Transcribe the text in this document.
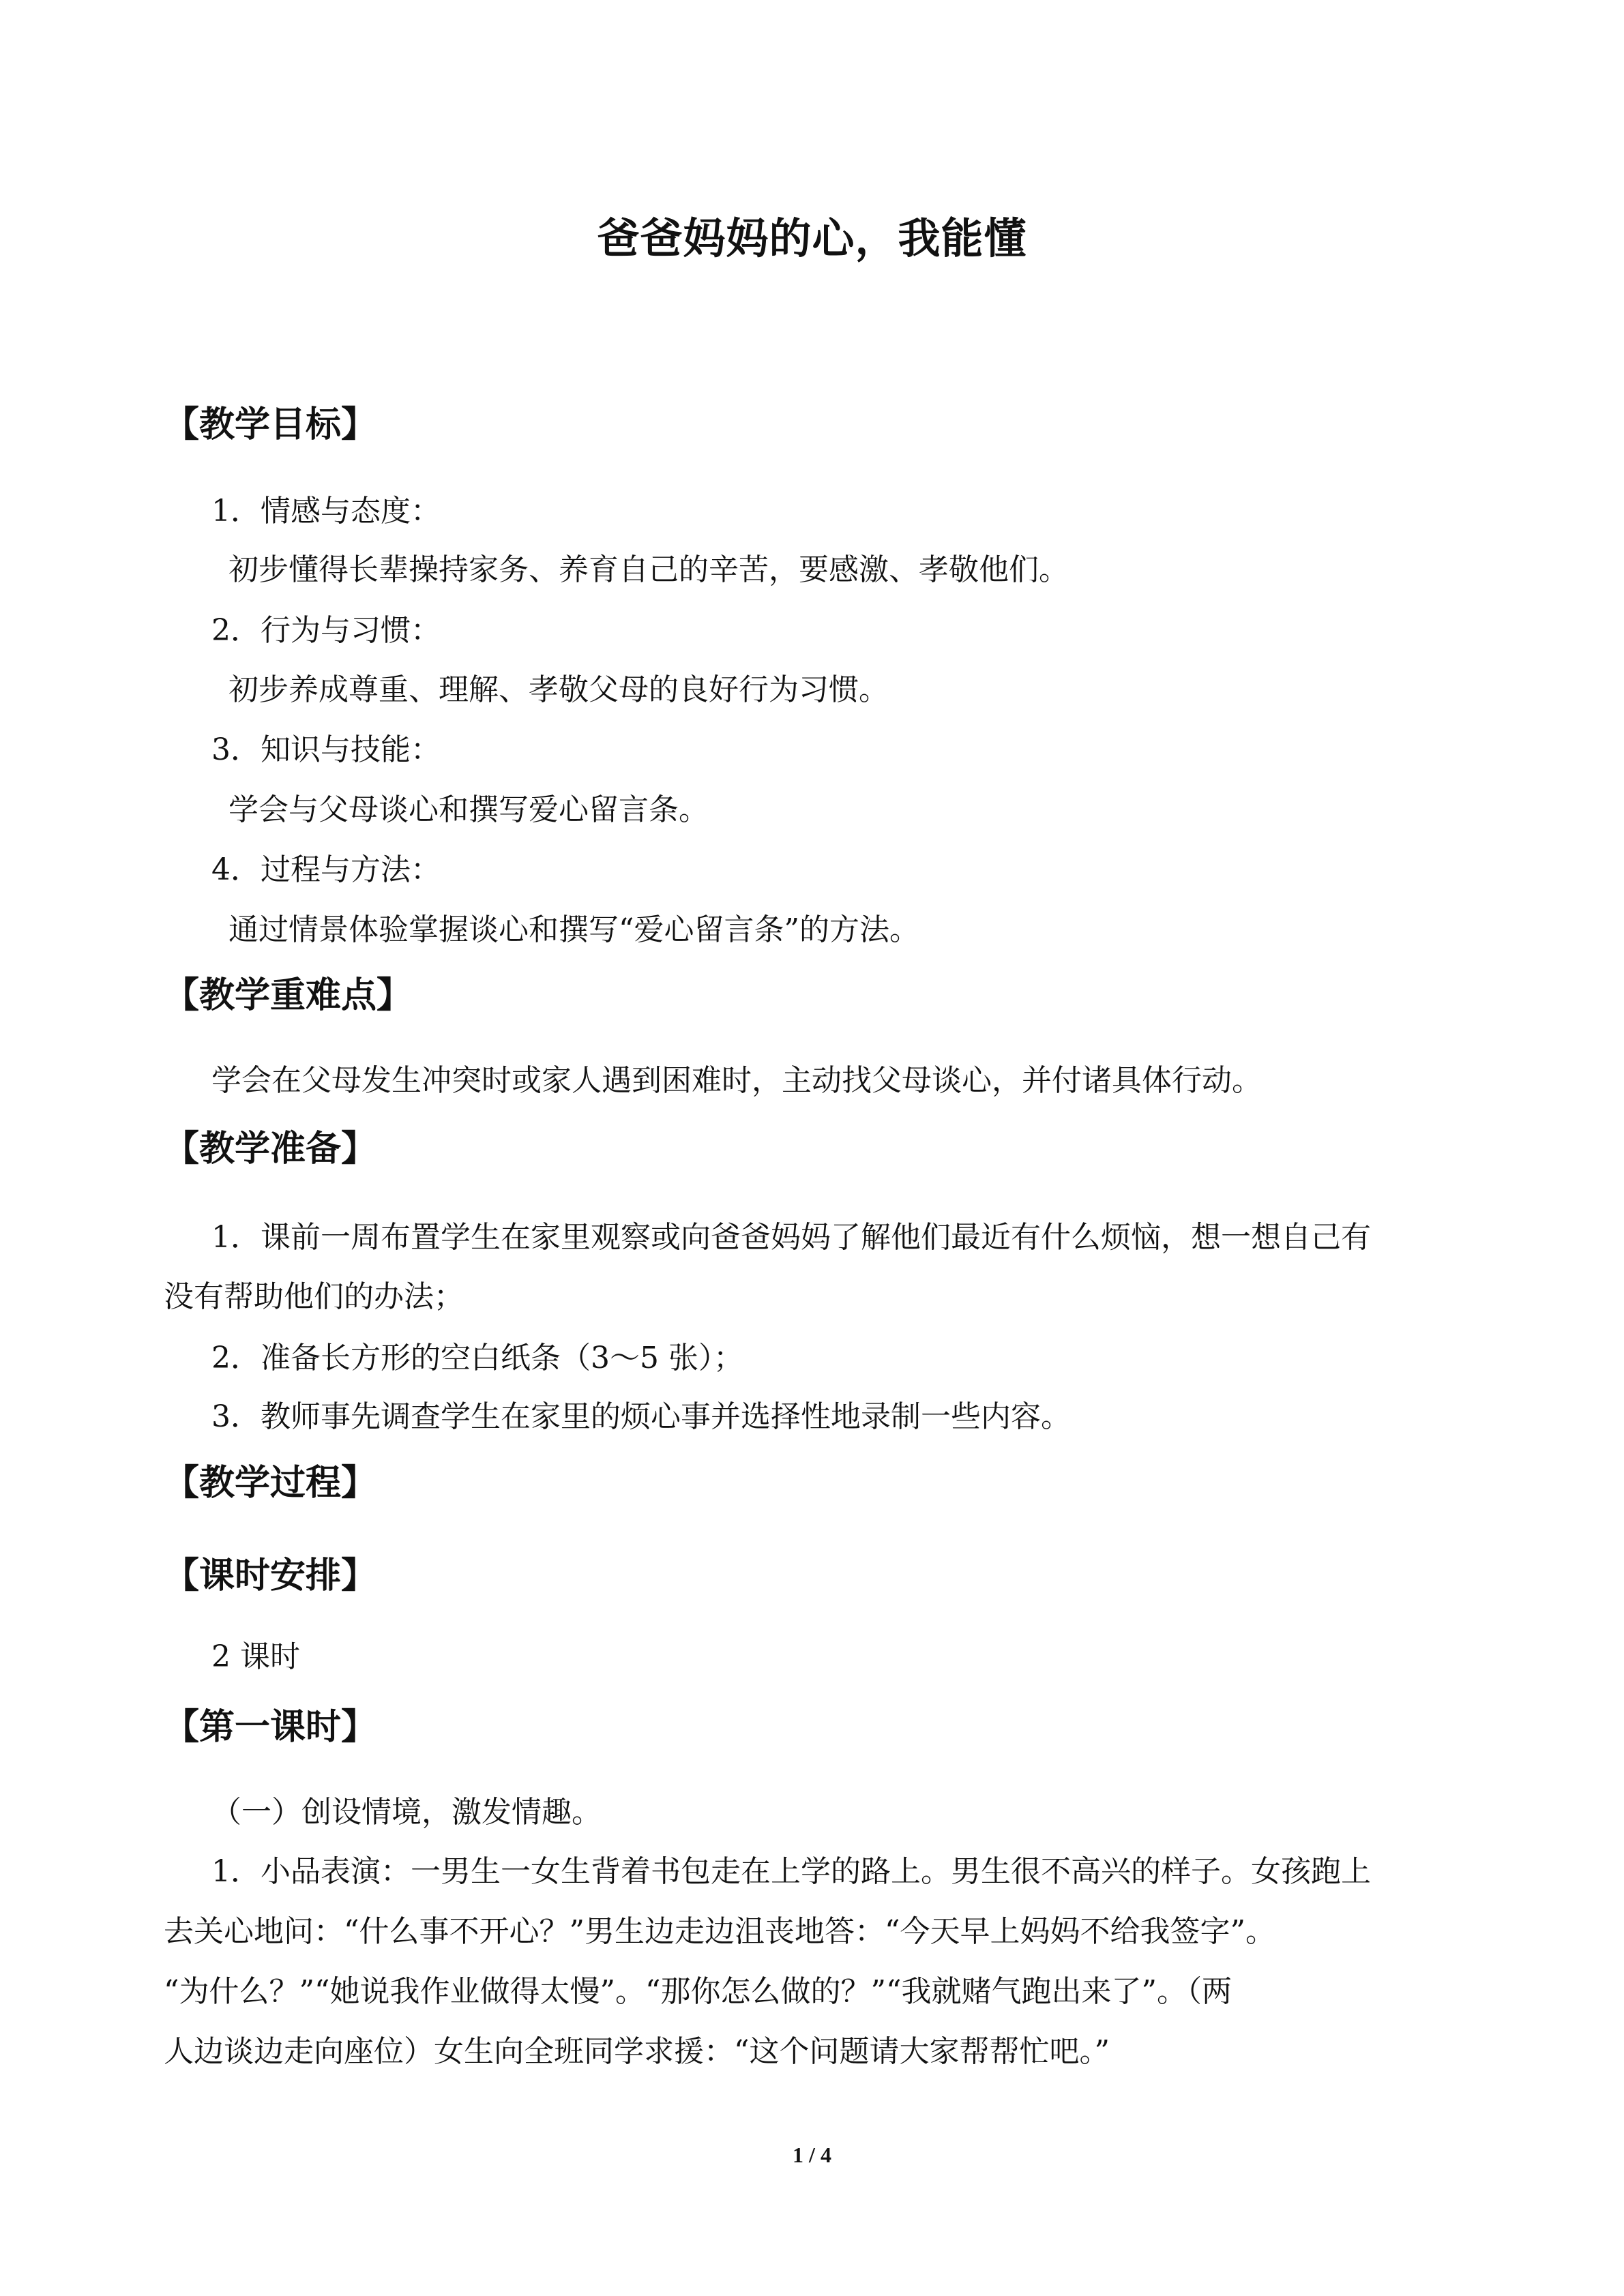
爸爸妈妈的心，我能懂
【教学目标】
1．情感与态度：
初步懂得长辈操持家务、养育自己的辛苦，要感激、孝敬他们。
2．行为与习惯：
初步养成尊重、理解、孝敬父母的良好行为习惯。
3．知识与技能：
学会与父母谈心和撰写爱心留言条。
4．过程与方法：
通过情景体验掌握谈心和撰写“爱心留言条”的方法。
【教学重难点】
学会在父母发生冲突时或家人遇到困难时，主动找父母谈心，并付诸具体行动。
【教学准备】
1．课前一周布置学生在家里观察或向爸爸妈妈了解他们最近有什么烦恼，想一想自己有
没有帮助他们的办法；
2．准备长方形的空白纸条（3～5 张）；
3．教师事先调查学生在家里的烦心事并选择性地录制一些内容。
【教学过程】
【课时安排】
2 课时
【第一课时】
（一）创设情境，激发情趣。
1．小品表演：一男生一女生背着书包走在上学的路上。男生很不高兴的样子。女孩跑上
去关心地问：“什么事不开心？”男生边走边沮丧地答：“今天早上妈妈不给我签字”。
“为什么？”“她说我作业做得太慢”。“那你怎么做的？”“我就赌气跑出来了”。（两
人边谈边走向座位）女生向全班同学求援：“这个问题请大家帮帮忙吧。”
1 / 4
